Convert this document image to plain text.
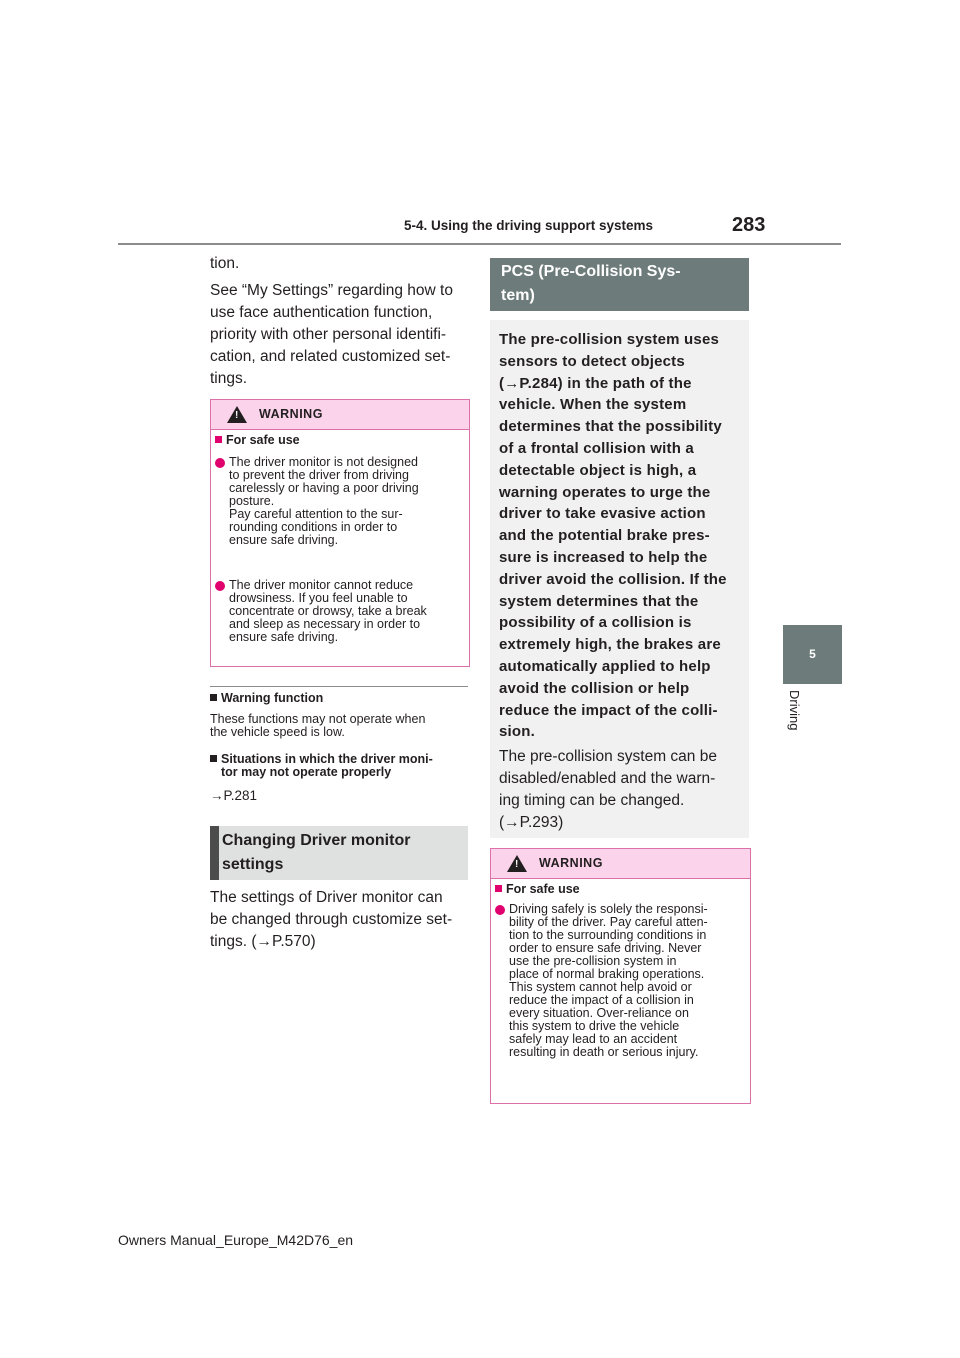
5-4. Using the driving support systems	283
5
Driving
tion.
See “My Settings” regarding how to
use face authentication function,
priority with other personal identifi-
cation, and related customized set-
tings.
!
WARNING
For safe use
The driver monitor is not designed
to prevent the driver from driving
carelessly or having a poor driving
posture.
Pay careful attention to the sur-
rounding conditions in order to
ensure safe driving.
The driver monitor cannot reduce
drowsiness. If you feel unable to
concentrate or drowsy, take a break
and sleep as necessary in order to
ensure safe driving.
Warning function
These functions may not operate when
the vehicle speed is low.
Situations in which the driver moni-
tor may not operate properly
→P.281
Changing Driver monitor
settings
The settings of Driver monitor can
be changed through customize set-
tings. (→P.570)
PCS (Pre-Collision Sys-
tem)
The pre-collision system uses
sensors to detect objects
(→P.284) in the path of the
vehicle. When the system
determines that the possibility
of a frontal collision with a
detectable object is high, a
warning operates to urge the
driver to take evasive action
and the potential brake pres-
sure is increased to help the
driver avoid the collision. If the
system determines that the
possibility of a collision is
extremely high, the brakes are
automatically applied to help
avoid the collision or help
reduce the impact of the colli-
sion.
The pre-collision system can be
disabled/enabled and the warn-
ing timing can be changed.
(→P.293)
!
WARNING
For safe use
Driving safely is solely the responsi-
bility of the driver. Pay careful atten-
tion to the surrounding conditions in
order to ensure safe driving. Never
use the pre-collision system in
place of normal braking operations.
This system cannot help avoid or
reduce the impact of a collision in
every situation. Over-reliance on
this system to drive the vehicle
safely may lead to an accident
resulting in death or serious injury.
Owners Manual_Europe_M42D76_en
